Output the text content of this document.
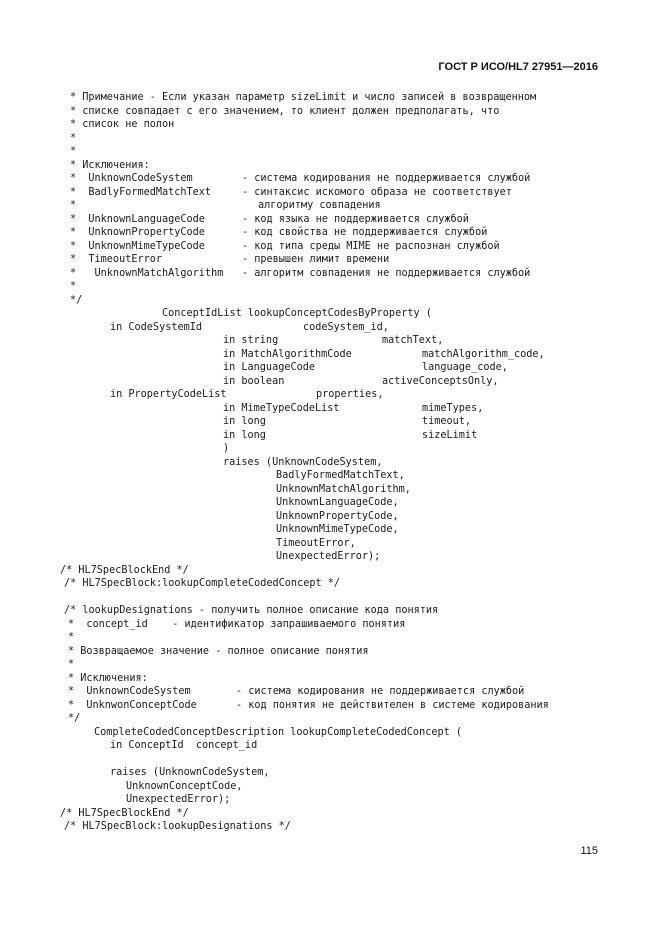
ГОСТ Р ИСО/HL7 27951—2016
* Примечание - Если указан параметр sizeLimit и число записей в возвращенном
* списке совпадает с его значением, то клиент должен предполагать, что
* список не полон
*
*
* Исключения:
*  UnknownCodeSystem	- система кодирования не поддерживается службой
*  BadlyFormedMatchText	- синтаксис искомого образа не соответствует
*	алгоритму совпадения
*  UnknownLanguageCode	- код языка не поддерживается службой
*  UnknownPropertyCode	- код свойства не поддерживается службой
*  UnknownMimeTypeCode	- код типа среды MIME не распознан службой
*  TimeoutError	- превышен лимит времени
*   UnknownMatchAlgorithm - алгоритм совпадения не поддерживается службой
*
*/
ConceptIdList lookupConceptCodesByProperty (
in CodeSystemId	codeSystem_id,
in string	matchText,
in MatchAlgorithmCode	matchAlgorithm_code,
in LanguageCode	language_code,
in boolean	activeConceptsOnly,
in PropertyCodeList	properties,
in MimeTypeCodeList	mimeTypes,
in long	timeout,
in long	sizeLimit
)
raises (UnknownCodeSystem,
BadlyFormedMatchText,
UnknownMatchAlgorithm,
UnknownLanguageCode,
UnknownPropertyCode,
UnknownMimeTypeCode,
TimeoutError,
UnexpectedError);
/* HL7SpecBlockEnd */
/* HL7SpecBlock:lookupCompleteCodedConcept */
/* lookupDesignations - получить полное описание кода понятия
*  concept_id    - идентификатор запрашиваемого понятия
*
* Возвращаемое значение - полное описание понятия
*
* Исключения:
*  UnknownCodeSystem	- система кодирования не поддерживается службой
*  UnknwonConceptCode	- код понятия не действителен в системе кодирования
*/
CompleteCodedConceptDescription lookupCompleteCodedConcept (
in ConceptId  concept_id
raises (UnknownCodeSystem,
UnknownConceptCode,
UnexpectedError);
/* HL7SpecBlockEnd */
/* HL7SpecBlock:lookupDesignations */
115
